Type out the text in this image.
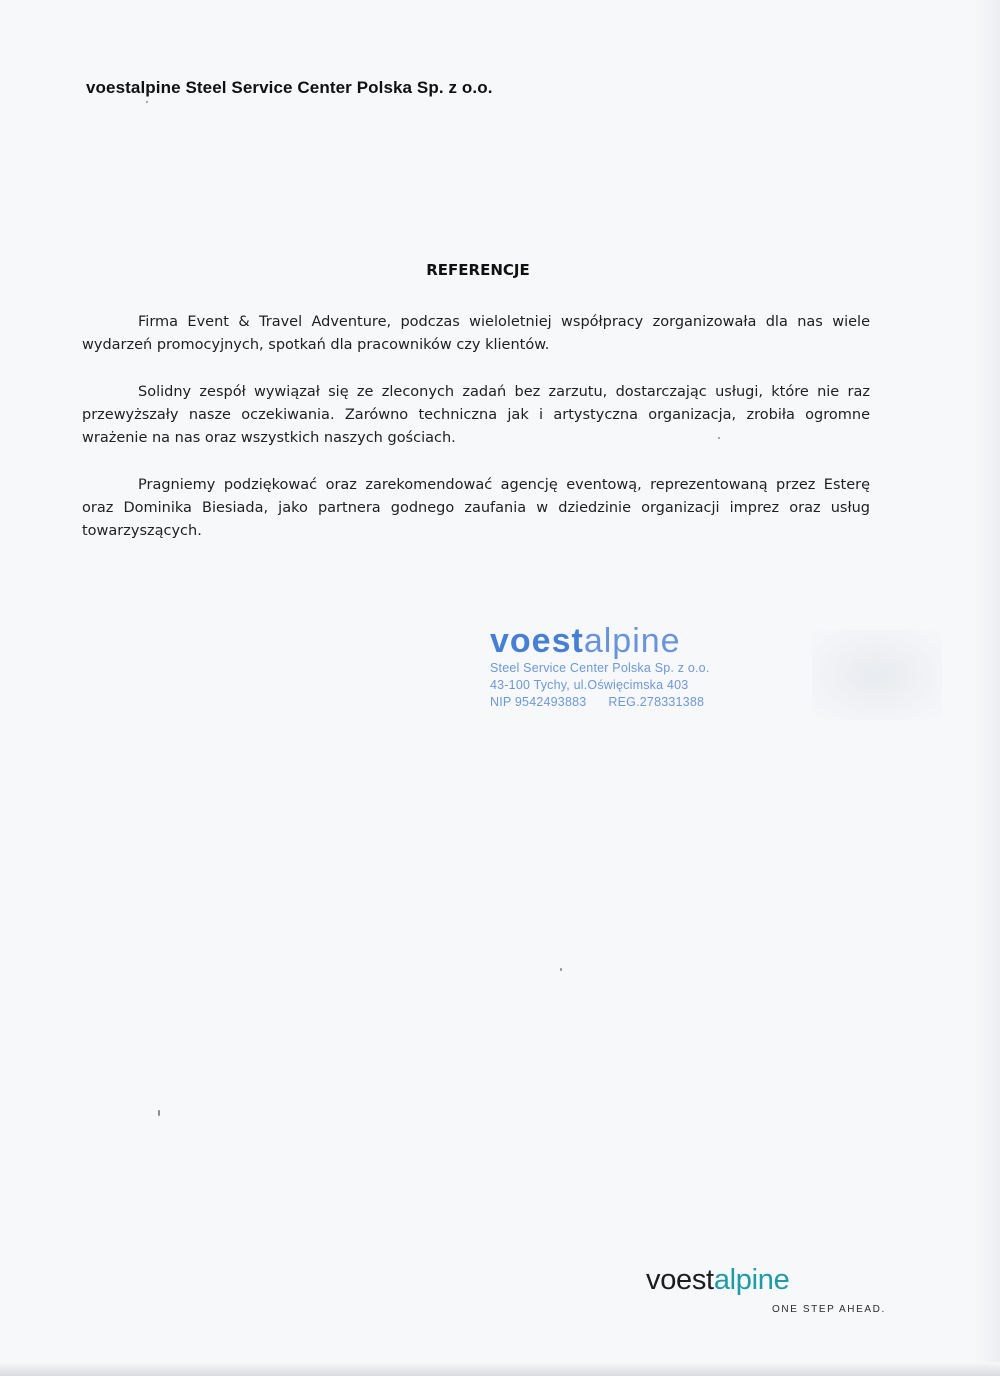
voestalpine Steel Service Center Polska Sp. z o.o.
REFERENCJE

Firma Event & Travel Adventure, podczas wieloletniej współpracy zorganizowała dla nas wiele wydarzeń promocyjnych, spotkań dla pracowników czy klientów.

Solidny zespół wywiązał się ze zleconych zadań bez zarzutu, dostarczając usługi, które nie raz przewyższały nasze oczekiwania. Zarówno techniczna jak i artystyczna organizacja, zrobiła ogromne wrażenie na nas oraz wszystkich naszych gościach.

Pragniemy podziękować oraz zarekomendować agencję eventową, reprezentowaną przez Esterę oraz Dominika Biesiada, jako partnera godnego zaufania w dziedzinie organizacji imprez oraz usług towarzyszących.

voestalpine
Steel Service Center Polska Sp. z o.o.
43-100 Tychy, ul.Oświęcimska 403
NIP 9542493883 REG.278331388
voestalpine
ONE STEP AHEAD.
